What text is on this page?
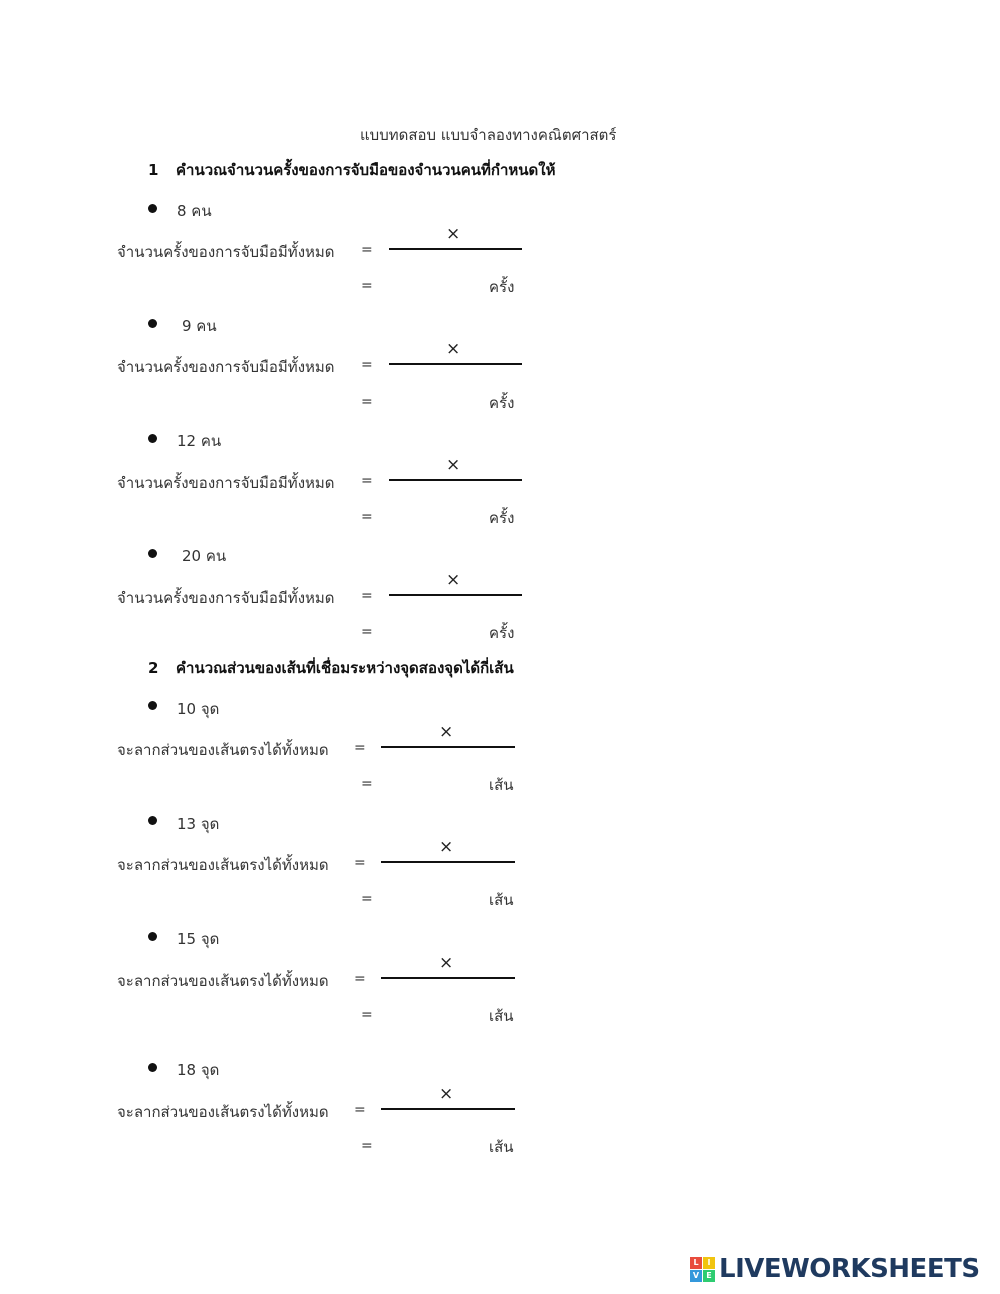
แบบทดสอบ แบบจำลองทางคณิตศาสตร์
1 คำนวณจำนวนครั้งของการจับมือของจำนวนคนที่กำหนดให้
8 คน
จำนวนครั้งของการจับมือมีทั้งหมด =
×
=	ครั้ง
9 คน
จำนวนครั้งของการจับมือมีทั้งหมด =
×
=	ครั้ง
12 คน
จำนวนครั้งของการจับมือมีทั้งหมด =
×
=	ครั้ง
20 คน
จำนวนครั้งของการจับมือมีทั้งหมด =
×
=	ครั้ง
2 คำนวณส่วนของเส้นที่เชื่อมระหว่างจุดสองจุดได้กี่เส้น
10 จุด
จะลากส่วนของเส้นตรงได้ทั้งหมด =
×
=	เส้น
13 จุด
จะลากส่วนของเส้นตรงได้ทั้งหมด =
×
=	เส้น
15 จุด
จะลากส่วนของเส้นตรงได้ทั้งหมด =
×
=	เส้น
18 จุด
จะลากส่วนของเส้นตรงได้ทั้งหมด =
×
=	เส้น
L	I
V E LIVEWORKSHEETS
